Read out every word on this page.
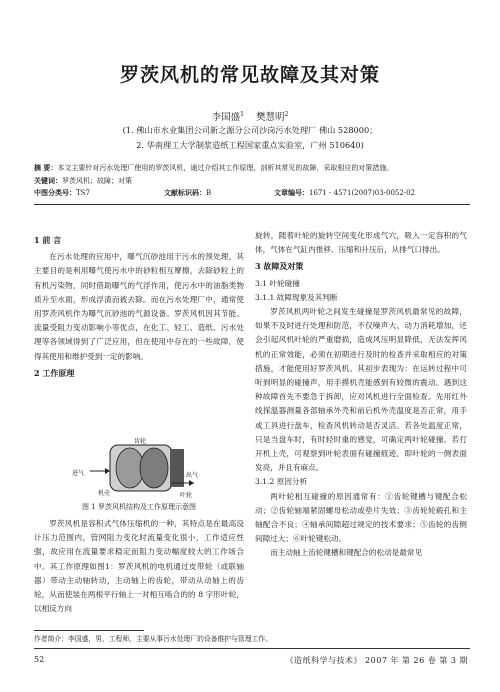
罗茨风机的常见故障及其对策
李国盛$^1$ 樊慧明$^2$
(1. 佛山市水业集团公司新之源分公司沙岗污水处理厂 佛山 528000；
2. 华南理工大学制浆造纸工程国家重点实验室，广州 510640)
摘 要：本文主要针对污水处理厂使用的罗茨风机，通过介绍其工作原理，剖析其常见的故障，采取相应的对策措施。
关键词：罗茨风机；故障；对策
中图分类号：TS7	文献标识码：B	文章编号：1671 - 4571(2007)03-0052-02
1 前 言
在污水处理的应用中，曝气沉砂池用于污水的预处理，其主要目的是利用曝气使污水中的砂粒相互摩擦，去除砂粒上的有机污染物，同时借助曝气的气浮作用，使污水中的油脂类物质升至水面，形成浮渣而被去除。而在污水处理厂中，通常使用罗茨风机作为曝气沉砂池的气源设备。罗茨风机因其节能、流量受阻力变动影响小等优点，在化工、轻工、造纸、污水处理等各领域得到了广泛应用，但在使用中存在的一些故障，使得其使用和维护受到一定的影响。
2 工作原理
齿轮
叶轮
进气	出气
机壳
图 1 罗茨风机结构及工作原理示意图
罗茨风机是容积式气体压缩机的一种，其特点是在最高设计压力范围内，管网阻力变化时流量变化很小，工作适应性强，故应用在流量要求稳定而阻力变动幅度较大的工作场合中。其工作原理如图1：罗茨风机的电机通过皮带轮（或联轴器）带动主动轴转动，主动轴上的齿轮，带动从动轴上的齿轮，从而使装在两根平行轴上一对相互啮合的的 8 字形叶轮，以相反方向
旋转，随着叶轮的旋转空间变化形成气穴，吸入一定容积的气体，气体在气缸内推移、压缩和升压后，从排气口排出。
3 故障及对策
3.1 叶轮碰撞
3.1.1 故障现象及其判断
罗茨风机两叶轮之间发生碰撞是罗茨风机最常见的故障，如果不及时进行处理和防范，不仅噪声大、动力消耗增加，还会引起风机叶轮的严重磨损，造成风压明显降低，无法发挥风机的正常效能，必须在初期进行及时的检查并采取相应的对策措施，才能使用好罗茨风机。其初步表现为：在运转过程中可听到明显的碰撞声，用手摸机壳能感到有较微的震动。遇到这种故障首先不要急于拆卸，应对风机进行全面检查。先用红外线探温器测量各部轴承外壳和前后机外壳温度是否正常，用手或工具进行盘车，检查风机转动是否灵活。若各处温度正常，只是当盘车时，有时轻时重的感觉，可确定两叶轮碰撞。若打开机上壳，可观察到叶轮表面有碰撞痕迹，即叶轮的一侧表面发亮，并且有麻点。
3.1.2 原因分析
两叶轮相互碰撞的原因通常有：①齿轮键槽与键配合松动；②齿轮轴端紧固螺母松动或垫片失效；③齿轮轮毂孔和主轴配合不良；④轴承间隙超过规定的技术要求；⑤齿轮的齿侧间隙过大；⑥叶轮键松动。
而主动轴上齿轮键槽和键配合的松动是最常见
作者简介：李国盛，男，工程师，主要从事污水处理厂的设备维护与管理工作。
52	《造纸科学与技术》 2007 年 第 26 卷 第 3 期
